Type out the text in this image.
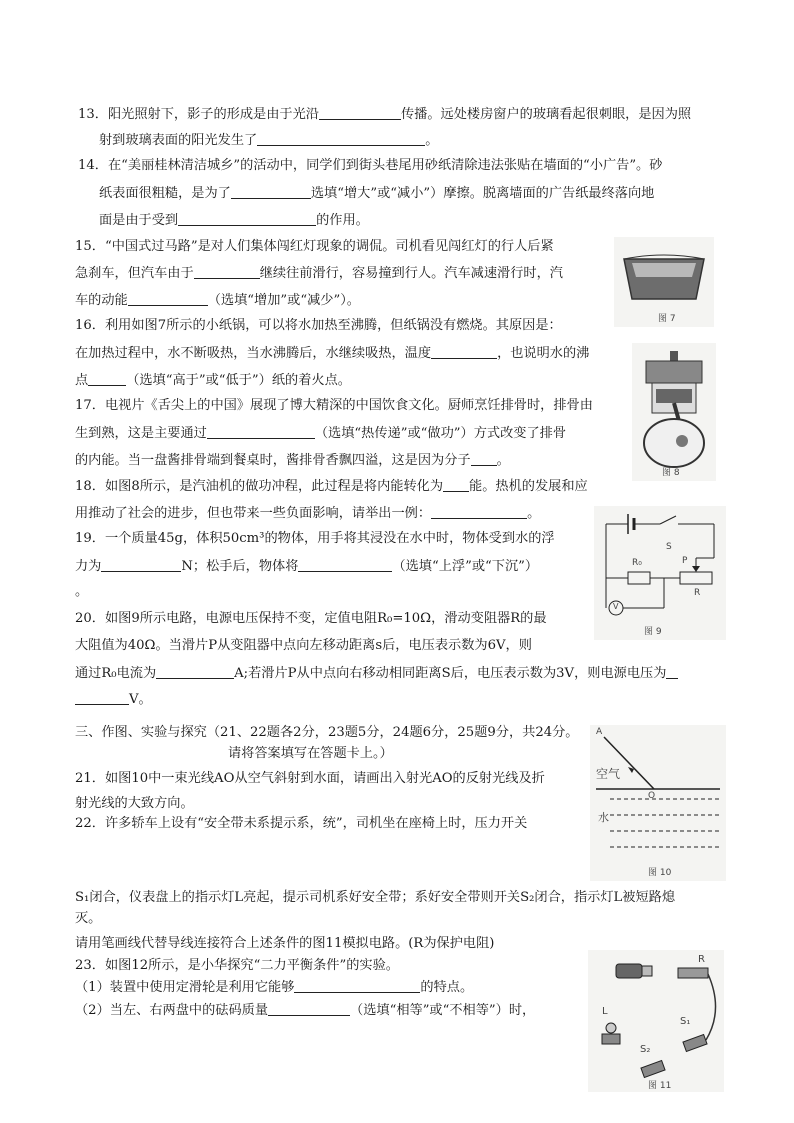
13．阳光照射下，影子的形成是由于光沿	传播。远处楼房窗户的玻璃看起很刺眼，是因为照
射到玻璃表面的阳光发生了	。
14．在“美丽桂林清洁城乡”的活动中，同学们到街头巷尾用砂纸清除违法张贴在墙面的“小广告”。砂
纸表面很粗糙，是为了	选填“增大”或“减小”）摩擦。脱离墙面的广告纸最终落向地
面是由于受到	的作用。
15．“中国式过马路”是对人们集体闯红灯现象的调侃。司机看见闯红灯的行人后紧
急刹车，但汽车由于	继续往前滑行，容易撞到行人。汽车减速滑行时，汽
车的动能	（选填“增加”或“减少”）。
16．利用如图7所示的小纸锅，可以将水加热至沸腾，但纸锅没有燃烧。其原因是：
在加热过程中，水不断吸热，当水沸腾后，水继续吸热，温度	，也说明水的沸
点	（选填“高于”或“低于”）纸的着火点。
17．电视片《舌尖上的中国》展现了博大精深的中国饮食文化。厨师烹饪排骨时，排骨由
生到熟，这是主要通过	（选填“热传递”或“做功”）方式改变了排骨
的内能。当一盘酱排骨端到餐桌时，酱排骨香飘四溢，这是因为分子 。
18．如图8所示，是汽油机的做功冲程，此过程是将内能转化为 能。热机的发展和应
用推动了社会的进步，但也带来一些负面影响，请举出一例：	。
19．一个质量45g，体积50cm³的物体，用手将其浸没在水中时，物体受到水的浮
力为	N；松手后，物体将	（选填“上浮”或“下沉”）
。
20．如图9所示电路，电源电压保持不变，定值电阻R₀=10Ω，滑动变阻器R的最
大阻值为40Ω。当滑片P从变阻器中点向左移动距离s后，电压表示数为6V，则
通过R₀电流为	A;若滑片P从中点向右移动相同距离S后，电压表示数为3V，则电源电压为
V。
三、作图、实验与探究（21、22题各2分，23题5分，24题6分，25题9分，共24分。
请将答案填写在答题卡上。）
21．如图10中一束光线AO从空气斜射到水面，请画出入射光AO的反射光线及折
射光线的大致方向。
22．许多轿车上设有“安全带未系提示系，统”，司机坐在座椅上时，压力开关
S₁闭合，仪表盘上的指示灯L亮起，提示司机系好安全带；系好安全带则开关S₂闭合，指示灯L被短路熄
灭。
请用笔画线代替导线连接符合上述条件的图11模拟电路。(R为保护电阻)
23．如图12所示，是小华探究“二力平衡条件”的实验。
（1）装置中使用定滑轮是利用它能够	的特点。
（2）当左、右两盘中的砝码质量	（选填“相等”或“不相等”）时，
图 7
图 8
S
R₀	P
R
V
图 9
A
空气
O
水
图 10
R
L
S₁
S₂
图 11
